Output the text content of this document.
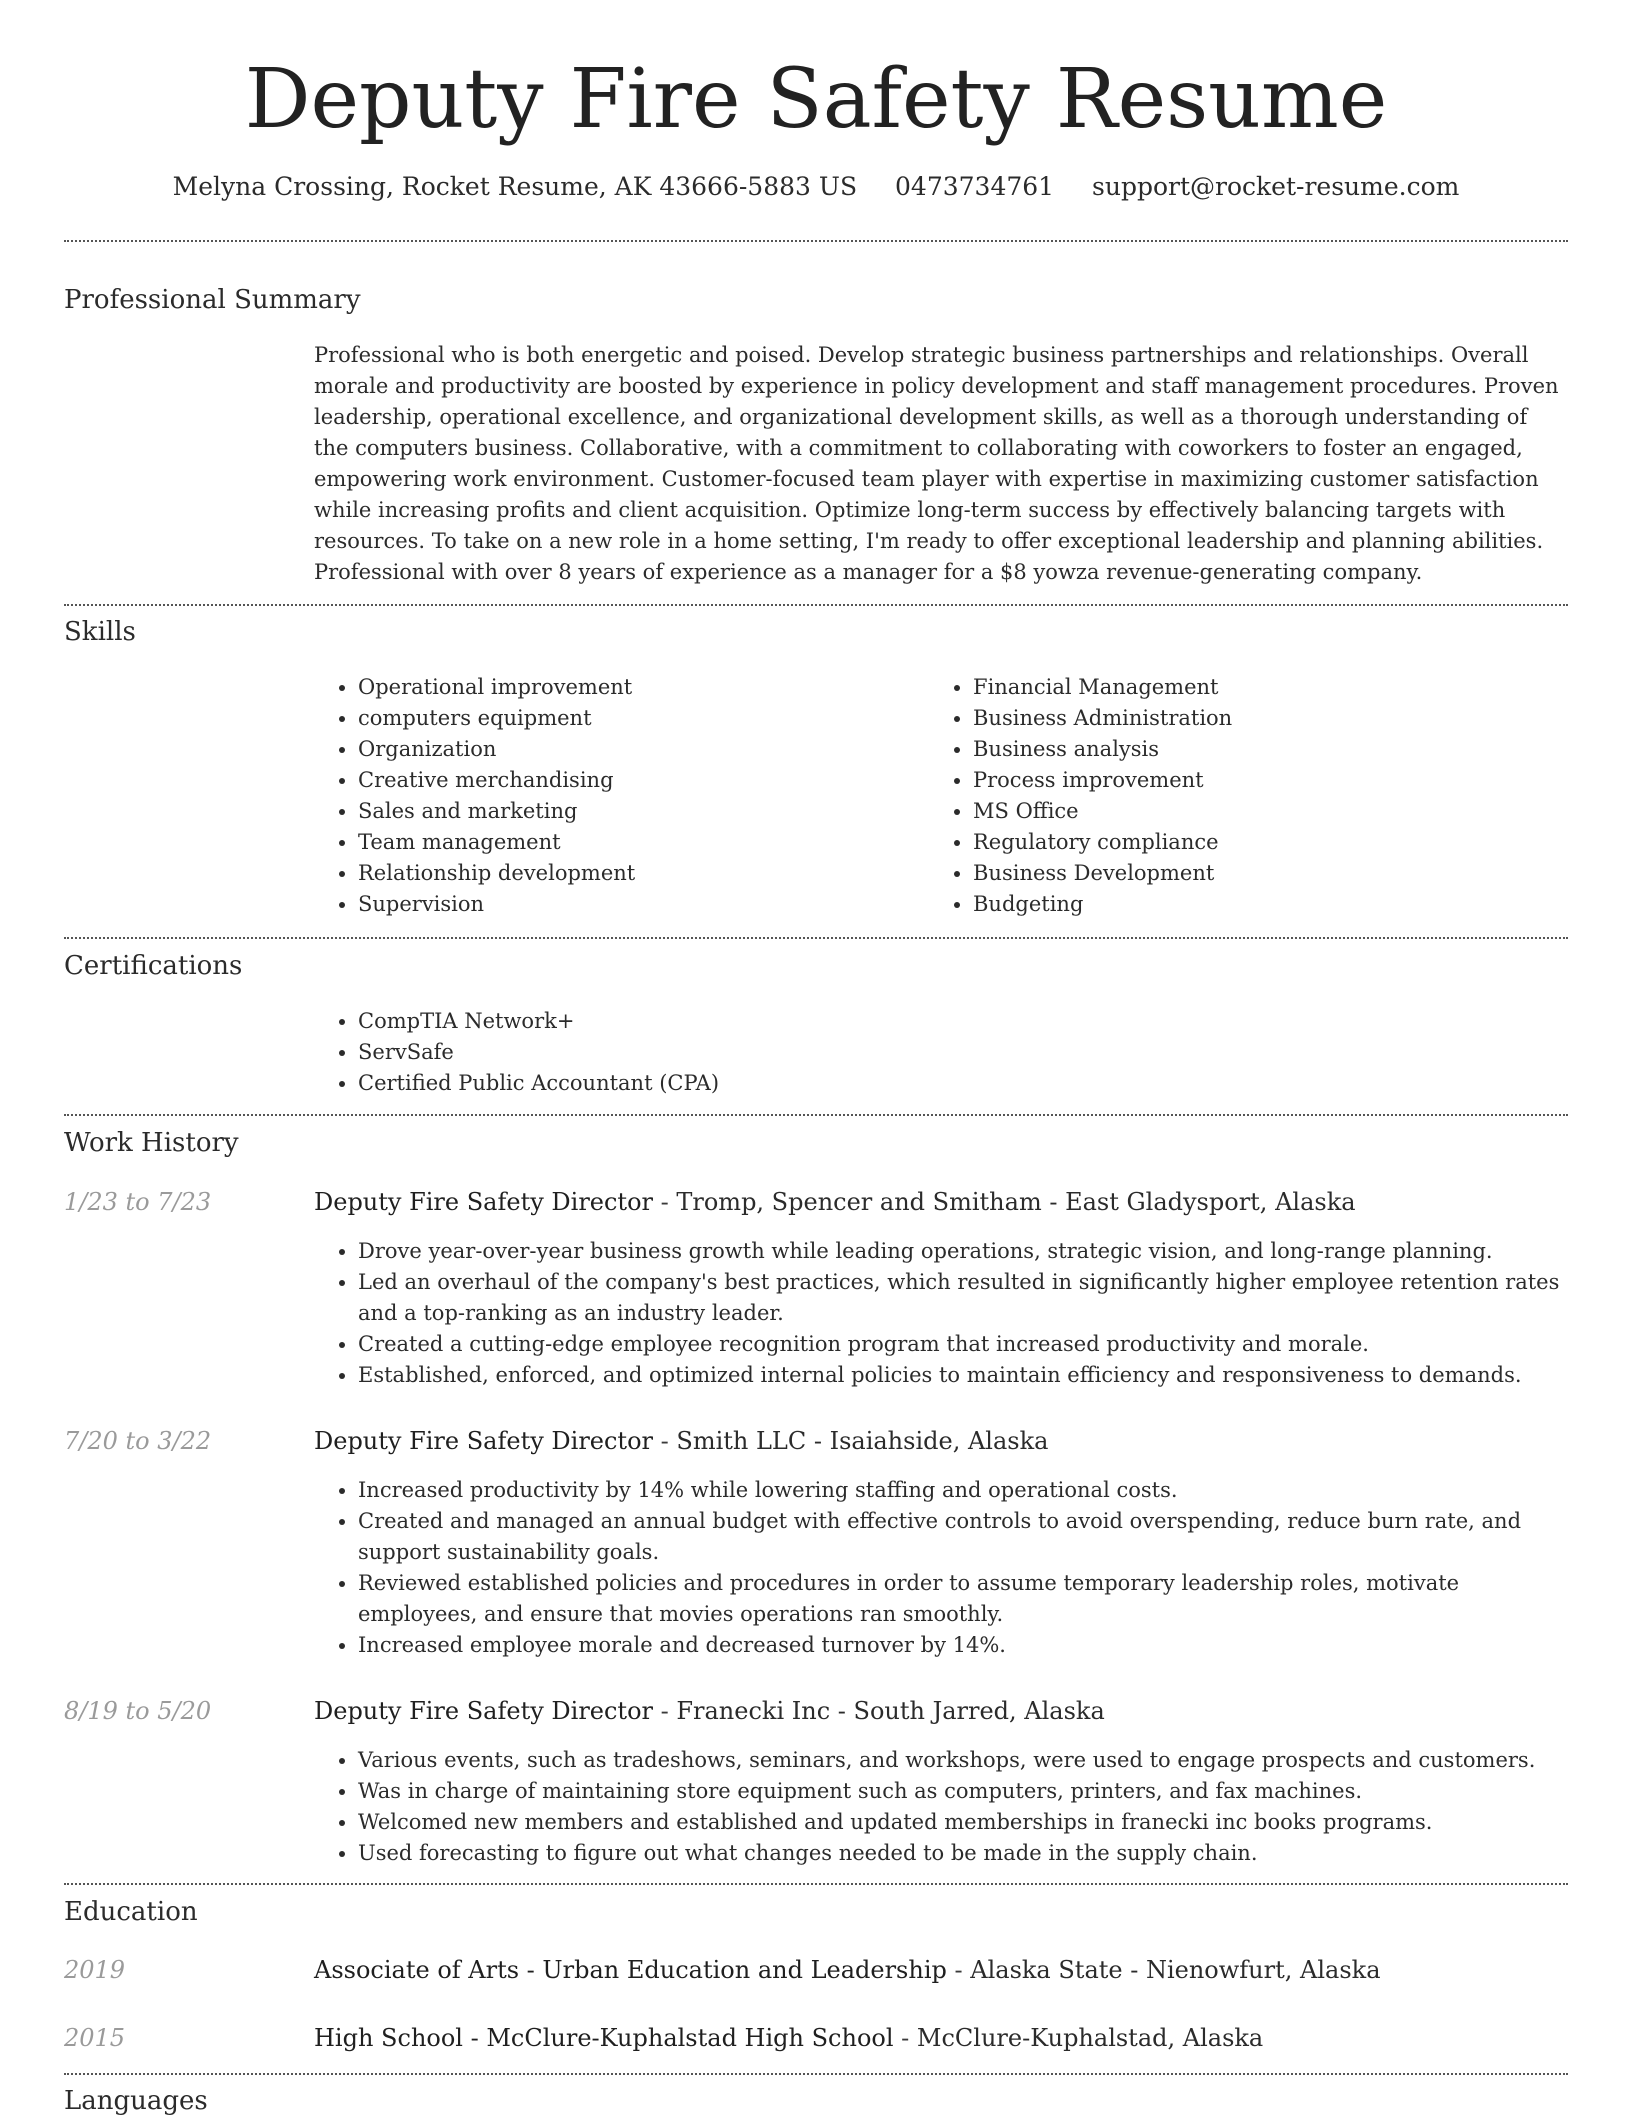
Deputy Fire Safety Resume
Melyna Crossing, Rocket Resume, AK 43666-5883 US 0473734761 support@rocket-resume.com
Professional Summary

Professional who is both energetic and poised. Develop strategic business partnerships and relationships. Overall morale and productivity are boosted by experience in policy development and staff management procedures. Proven leadership, operational excellence, and organizational development skills, as well as a thorough understanding of the computers business. Collaborative, with a commitment to collaborating with coworkers to foster an engaged, empowering work environment. Customer-focused team player with expertise in maximizing customer satisfaction while increasing profits and client acquisition. Optimize long-term success by effectively balancing targets with resources. To take on a new role in a home setting, I'm ready to offer exceptional leadership and planning abilities. Professional with over 8 years of experience as a manager for a $8 yowza revenue-generating company.

Skills
• Operational improvement
• computers equipment
• Organization
• Creative merchandising
• Sales and marketing
• Team management
• Relationship development
• Supervision
• Financial Management
• Business Administration
• Business analysis
• Process improvement
• MS Office
• Regulatory compliance
• Business Development
• Budgeting
Certifications
• CompTIA Network+
• ServSafe
• Certified Public Accountant (CPA)
Work History
1/23 to 7/23	Deputy Fire Safety Director - Tromp, Spencer and Smitham - East Gladysport, Alaska
• Drove year-over-year business growth while leading operations, strategic vision, and long-range planning.
• Led an overhaul of the company's best practices, which resulted in significantly higher employee retention rates and a top-ranking as an industry leader.
• Created a cutting-edge employee recognition program that increased productivity and morale.
• Established, enforced, and optimized internal policies to maintain efficiency and responsiveness to demands.
7/20 to 3/22	Deputy Fire Safety Director - Smith LLC - Isaiahside, Alaska
• Increased productivity by 14% while lowering staffing and operational costs.
• Created and managed an annual budget with effective controls to avoid overspending, reduce burn rate, and support sustainability goals.
• Reviewed established policies and procedures in order to assume temporary leadership roles, motivate employees, and ensure that movies operations ran smoothly.
• Increased employee morale and decreased turnover by 14%.
8/19 to 5/20	Deputy Fire Safety Director - Franecki Inc - South Jarred, Alaska
• Various events, such as tradeshows, seminars, and workshops, were used to engage prospects and customers.
• Was in charge of maintaining store equipment such as computers, printers, and fax machines.
• Welcomed new members and established and updated memberships in franecki inc books programs.
• Used forecasting to figure out what changes needed to be made in the supply chain.
Education
2019	Associate of Arts - Urban Education and Leadership - Alaska State - Nienowfurt, Alaska
2015	High School - McClure-Kuphalstad High School - McClure-Kuphalstad, Alaska
Languages
